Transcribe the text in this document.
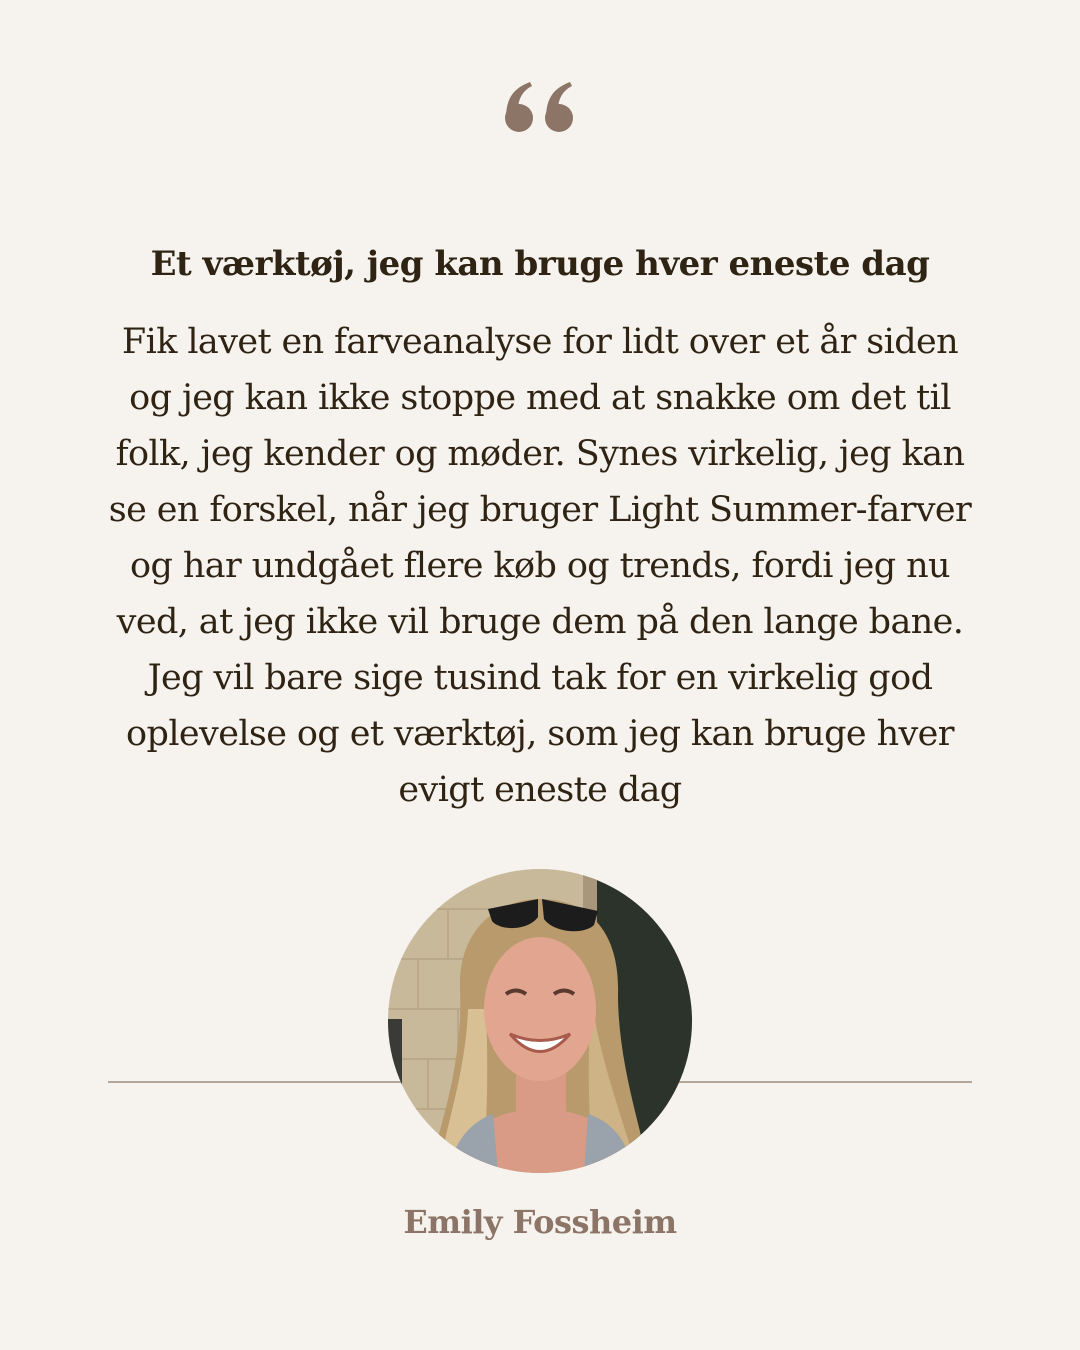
Et værktøj, jeg kan bruge hver eneste dag
Fik lavet en farveanalyse for lidt over et år siden
og jeg kan ikke stoppe med at snakke om det til
folk, jeg kender og møder. Synes virkelig, jeg kan
se en forskel, når jeg bruger Light Summer-farver
og har undgået flere køb og trends, fordi jeg nu
ved, at jeg ikke vil bruge dem på den lange bane.
Jeg vil bare sige tusind tak for en virkelig god
oplevelse og et værktøj, som jeg kan bruge hver
evigt eneste dag

Emily Fossheim
